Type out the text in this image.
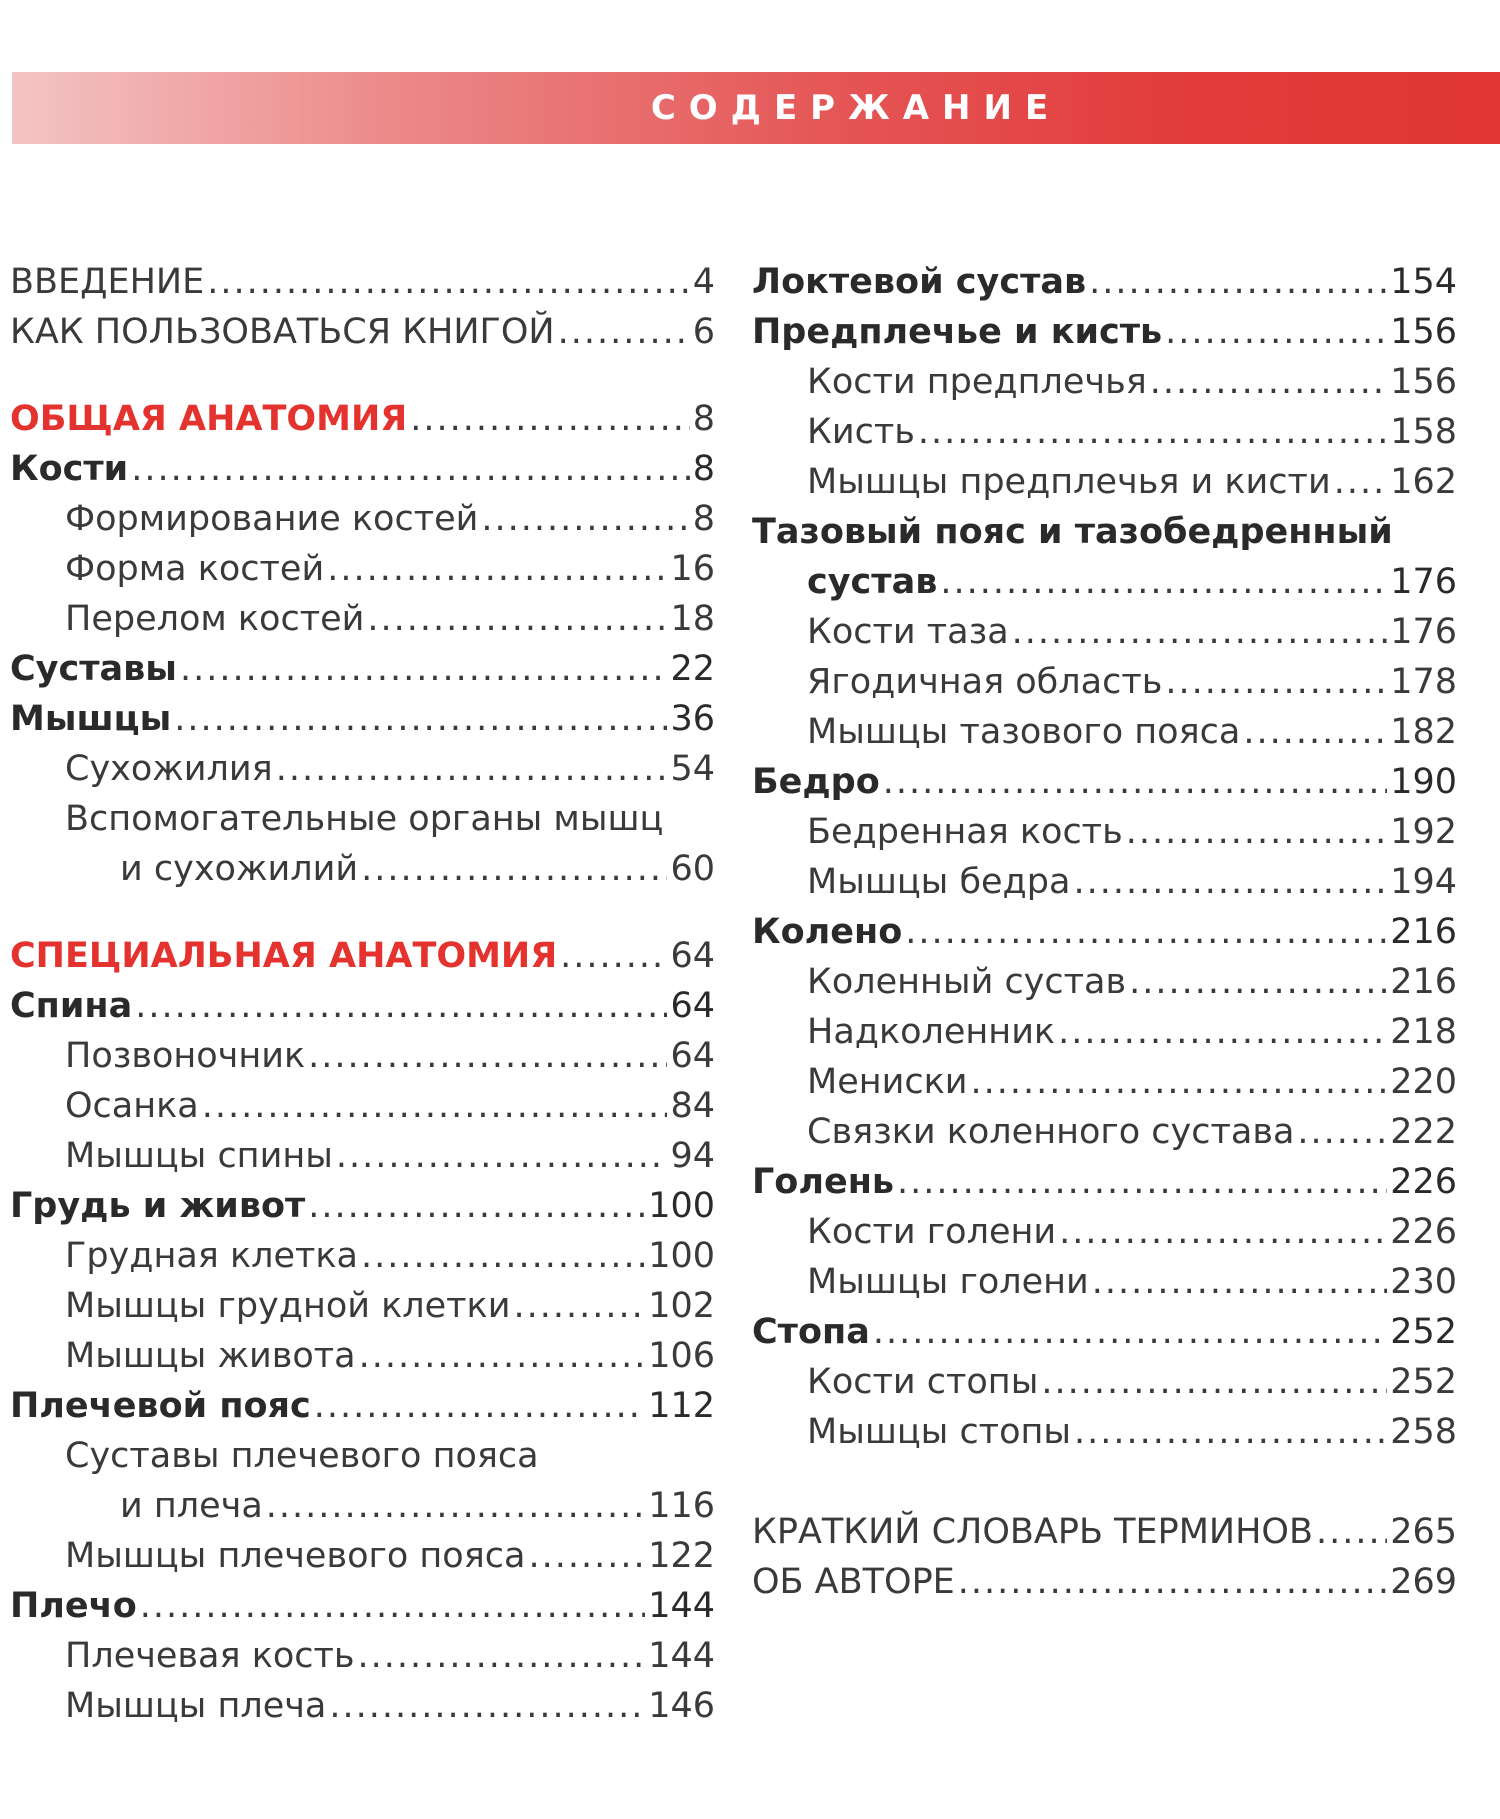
СОДЕРЖАНИЕ
ВВЕДЕНИЕ .....	4
КАК ПОЛЬЗОВАТЬСЯ КНИГОЙ .....	6
ОБЩАЯ АНАТОМИЯ .....	8
Кости .....	8
Формирование костей .....	8
Форма костей .....	16
Перелом костей .....	18
Суставы .....	22
Мышцы .....	36
Сухожилия .....	54
Вспомогательные органы мышц
и сухожилий .....	60
СПЕЦИАЛЬНАЯ АНАТОМИЯ .....	64
Спина .....	64
Позвоночник .....	64
Осанка .....	84
Мышцы спины .....	94
Грудь и живот .....	100
Грудная клетка .....	100
Мышцы грудной клетки .....	102
Мышцы живота .....	106
Плечевой пояс .....	112
Суставы плечевого пояса
и плеча .....	116
Мышцы плечевого пояса .....	122
Плечо .....	144
Плечевая кость .....	144
Мышцы плеча .....	146
Локтевой сустав .....	154
Предплечье и кисть .....	156
Кости предплечья .....	156
Кисть .....	158
Мышцы предплечья и кисти ..... 162
Тазовый пояс и тазобедренный
сустав .....	176
Кости таза .....	176
Ягодичная область .....	178
Мышцы тазового пояса .....	182
Бедро .....	190
Бедренная кость .....	192
Мышцы бедра .....	194
Колено .....	216
Коленный сустав .....	216
Надколенник .....	218
Мениски .....	220
Связки коленного сустава .....	222
Голень .....	226
Кости голени .....	226
Мышцы голени .....	230
Стопа .....	252
Кости стопы .....	252
Мышцы стопы .....	258
КРАТКИЙ СЛОВАРЬ ТЕРМИНОВ ..... 265
ОБ АВТОРЕ .....	269
